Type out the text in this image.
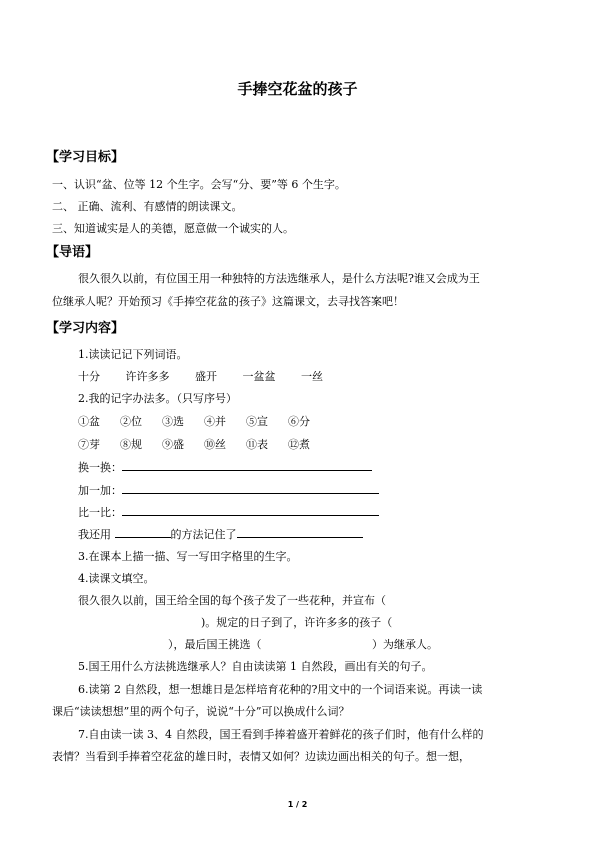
手捧空花盆的孩子
【学习目标】
一、认识“盆、位等 12 个生字。会写“分、要”等 6 个生字。
二、 正确、流利、有感情的朗读课文。
三、知道诚实是人的美德，愿意做一个诚实的人。
【导语】
很久很久以前，有位国王用一种独特的方法选继承人，是什么方法呢?谁又会成为王
位继承人呢？开始预习《手捧空花盆的孩子》这篇课文，去寻找答案吧！
【学习内容】
1.读读记记下列词语。
十分 许许多多 盛开 一盆盆 一丝
2.我的记字办法多。（只写序号）
①盆 ②位 ③选 ④并 ⑤宣 ⑥分
⑦芽 ⑧规 ⑨盛 ⑩丝 ⑪表 ⑫煮
换一换：
加一加：
比一比：
我还用	的方法记住了
3.在课本上描一描、写一写田字格里的生字。
4.读课文填空。
很久很久以前，国王给全国的每个孩子发了一些花种，并宣布（
)。规定的日子到了，许许多多的孩子（
），最后国王挑选（	）为继承人。
5.国王用什么方法挑选继承人？自由读读第 1 自然段，画出有关的句子。
6.读第 2 自然段，想一想雄日是怎样培育花种的?用文中的一个词语来说。再读一读
课后“读读想想”里的两个句子，说说“十分”可以换成什么词？
7.自由读一读 3、4 自然段，国王看到手捧着盛开着鲜花的孩子们时，他有什么样的
表情？当看到手捧着空花盆的雄日时，表情又如何？边读边画出相关的句子。想一想，
1 / 2
